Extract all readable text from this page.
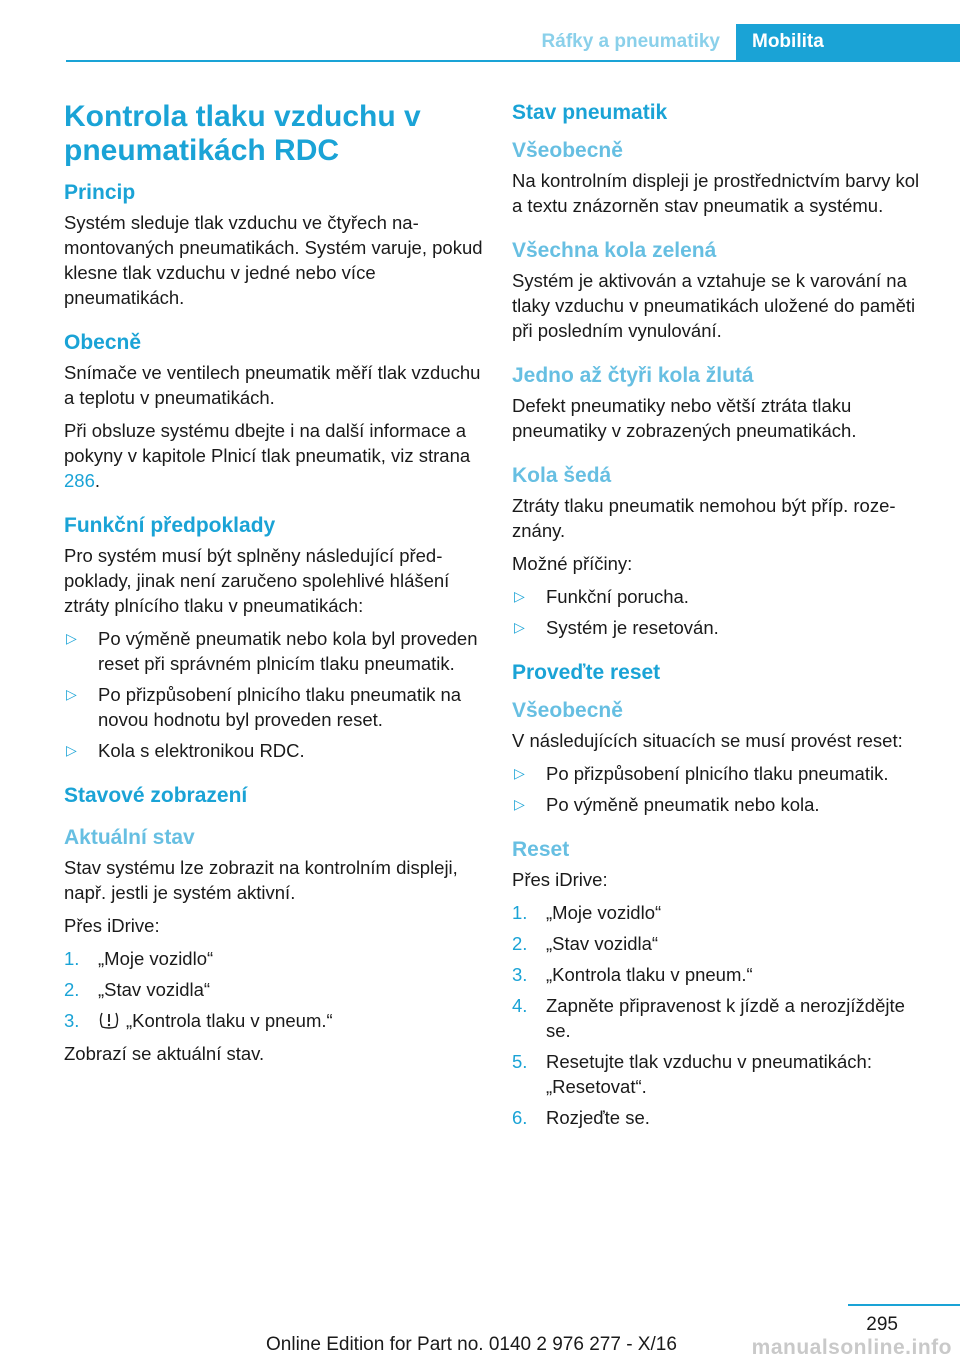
Ráfky a pneumatiky	Mobilita
Kontrola tlaku vzduchu v pneumatikách RDC
Princip

Systém sleduje tlak vzduchu ve čtyřech namontovaných pneumatikách. Systém varuje, pokud klesne tlak vzduchu v jedné nebo více pneumatikách.

Obecně

Snímače ve ventilech pneumatik měří tlak vzduchu a teplotu v pneumatikách.

Při obsluze systému dbejte i na další informace a pokyny v kapitole Plnicí tlak pneumatik, viz strana 286.

Funkční předpoklady

Pro systém musí být splněny následující předpoklady, jinak není zaručeno spolehlivé hlášení ztráty plnícího tlaku v pneumatikách:

▷ Po výměně pneumatik nebo kola byl proveden reset při správném plnicím tlaku pneumatik.
▷ Po přizpůsobení plnicího tlaku pneumatik na novou hodnotu byl proveden reset.
▷ Kola s elektronikou RDC.
Stavové zobrazení
Aktuální stav

Stav systému lze zobrazit na kontrolním displeji, např. jestli je systém aktivní.

Přes iDrive:

1. „Moje vozidlo“
2. „Stav vozidla“
3.	„Kontrola tlaku v pneum.“

Zobrazí se aktuální stav.

Stav pneumatik
Všeobecně

Na kontrolním displeji je prostřednictvím barvy kol a textu znázorněn stav pneumatik a systému.

Všechna kola zelená

Systém je aktivován a vztahuje se k varování na tlaky vzduchu v pneumatikách uložené do paměti při posledním vynulování.

Jedno až čtyři kola žlutá

Defekt pneumatiky nebo větší ztráta tlaku pneumatiky v zobrazených pneumatikách.

Kola šedá

Ztráty tlaku pneumatik nemohou být příp. rozeznány.

Možné příčiny:

▷ Funkční porucha.
▷ Systém je resetován.
Proveďte reset
Všeobecně

V následujících situacích se musí provést reset:

▷ Po přizpůsobení plnicího tlaku pneumatik.
▷ Po výměně pneumatik nebo kola.
Reset

Přes iDrive:

1. „Moje vozidlo“
2. „Stav vozidla“
3. „Kontrola tlaku v pneum.“
4. Zapněte připravenost k jízdě a nerozjíždějte se.
5. Resetujte tlak vzduchu v pneumatikách: „Resetovat“.
6. Rozjeďte se.
295
Online Edition for Part no. 0140 2 976 277 - X/16	manualsonline.info
